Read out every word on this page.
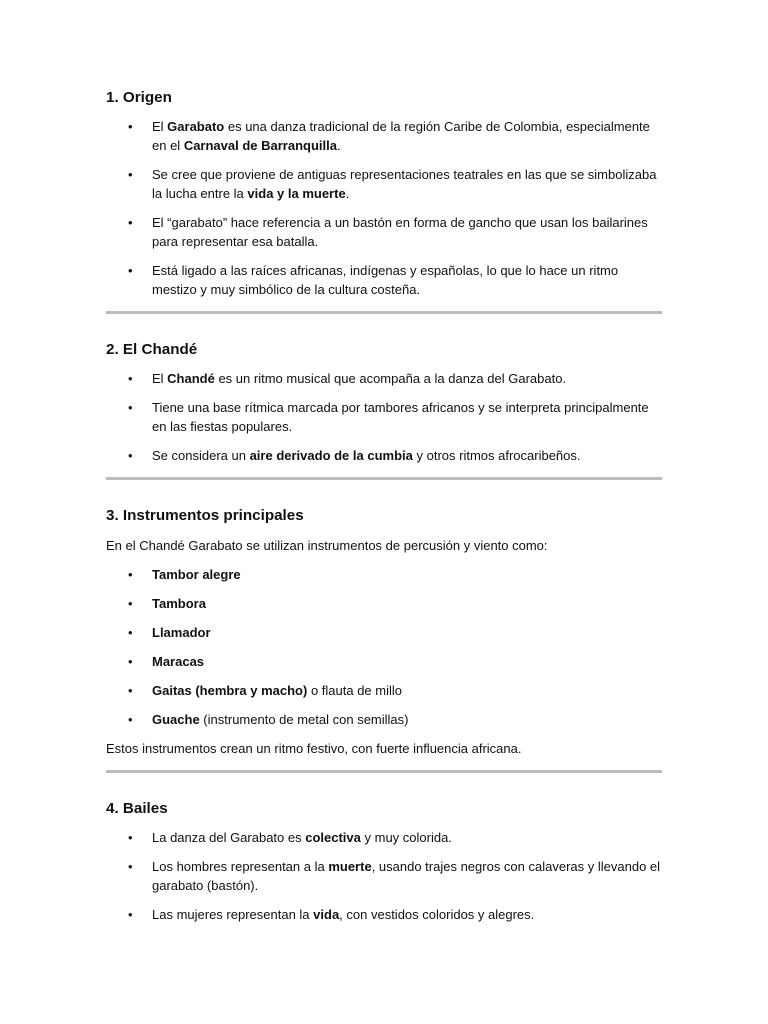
1. Origen
• El Garabato es una danza tradicional de la región Caribe de Colombia, especialmente en el Carnaval de Barranquilla.
• Se cree que proviene de antiguas representaciones teatrales en las que se simbolizaba la lucha entre la vida y la muerte.
• El “garabato” hace referencia a un bastón en forma de gancho que usan los bailarines para representar esa batalla.
• Está ligado a las raíces africanas, indígenas y españolas, lo que lo hace un ritmo mestizo y muy simbólico de la cultura costeña.
2. El Chandé
• El Chandé es un ritmo musical que acompaña a la danza del Garabato.
• Tiene una base rítmica marcada por tambores africanos y se interpreta principalmente en las fiestas populares.
• Se considera un aire derivado de la cumbia y otros ritmos afrocaribeños.
3. Instrumentos principales

En el Chandé Garabato se utilizan instrumentos de percusión y viento como:

• Tambor alegre
• Tambora
• Llamador
• Maracas
• Gaitas (hembra y macho) o flauta de millo
• Guache (instrumento de metal con semillas)

Estos instrumentos crean un ritmo festivo, con fuerte influencia africana.

4. Bailes
• La danza del Garabato es colectiva y muy colorida.
• Los hombres representan a la muerte, usando trajes negros con calaveras y llevando el garabato (bastón).
• Las mujeres representan la vida, con vestidos coloridos y alegres.
